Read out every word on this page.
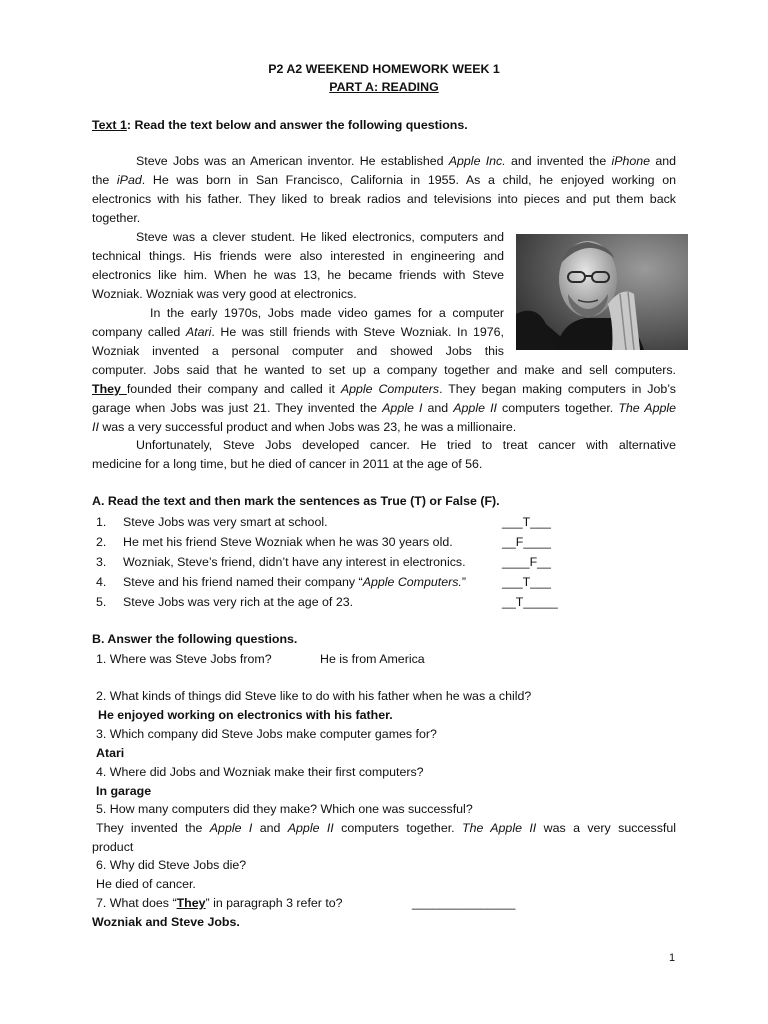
P2 A2 WEEKEND HOMEWORK WEEK 1
PART A: READING
Text 1: Read the text below and answer the following questions.
Steve Jobs was an American inventor. He established Apple Inc. and invented the iPhone and
the iPad. He was born in San Francisco, California in 1955. As a child, he enjoyed working on
electronics with his father. They liked to break radios and televisions into pieces and put them back
together.
Steve was a clever student. He liked electronics, computers and
technical things. His friends were also interested in engineering and
electronics like him. When he was 13, he became friends with Steve
Wozniak. Wozniak was very good at electronics.
In the early 1970s, Jobs made video games for a computer
company called Atari. He was still friends with Steve Wozniak. In 1976,
Wozniak invented a personal computer and showed Jobs this
computer. Jobs said that he wanted to set up a company together and make and sell computers.
They founded their company and called it Apple Computers. They began making computers in Job’s
garage when Jobs was just 21. They invented the Apple I and Apple II computers together. The Apple
II was a very successful product and when Jobs was 23, he was a millionaire.
Unfortunately, Steve Jobs developed cancer. He tried to treat cancer with alternative
medicine for a long time, but he died of cancer in 2011 at the age of 56.
A. Read the text and then mark the sentences as True (T) or False (F).
1. Steve Jobs was very smart at school.	___T___
2. He met his friend Steve Wozniak when he was 30 years old.	__F____
3. Wozniak, Steve’s friend, didn’t have any interest in electronics.	____F__
4. Steve and his friend named their company “Apple Computers.”	___T___
5. Steve Jobs was very rich at the age of 23.	__T_____
B. Answer the following questions.
1. Where was Steve Jobs from?	He is from America
2. What kinds of things did Steve like to do with his father when he was a child?
He enjoyed working on electronics with his father.
3. Which company did Steve Jobs make computer games for?
Atari
4. Where did Jobs and Wozniak make their first computers?
In garage
5. How many computers did they make? Which one was successful?
They invented the Apple I and Apple II computers together. The Apple II was a very successful
product
6. Why did Steve Jobs die?
He died of cancer.
7. What does “They” in paragraph 3 refer to?	_______________
Wozniak and Steve Jobs.
1
